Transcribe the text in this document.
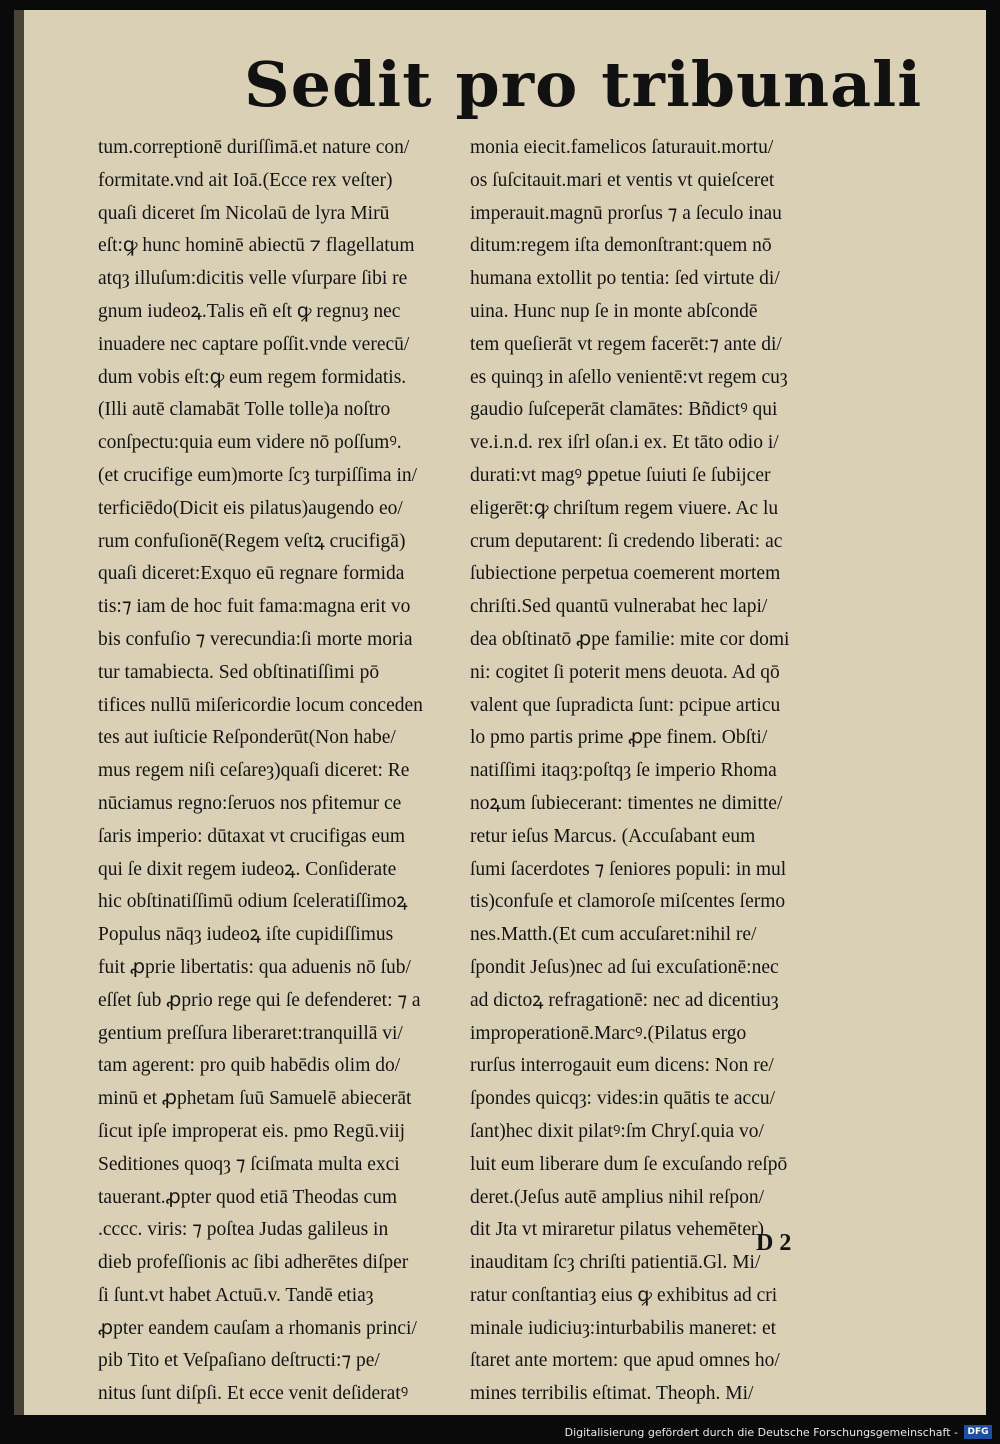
Sedit pro tribunali
tum.correptionē duriſſimā.et nature con/
formitate.vnd ait Ioā.(Ecce rex veſter)
quaſi diceret ſm Nicolaū de lyra Mirū
eſt:ꝙ hunc hominē abiectū ⁊ flagellatum
atqȝ illuſum:dicitis velle vſurpare ſibi re
gnum iudeoꝝ.Talis eñ eſt ꝙ regnuȝ nec
inuadere nec captare poſſit.vnde verecū/
dum vobis eſt:ꝙ eum regem formidatis.
(Illi autē clamabāt Tolle tolle)a noſtro
conſpectu:quia eum videre nō poſſumꝰ.
(et crucifige eum)morte ſcȝ turpiſſima in/
terficiēdo(Dicit eis pilatus)augendo eo/
rum confuſionē(Regem veſtꝝ crucifigā)
quaſi diceret:Exquo eū regnare formida
tis:⁊ iam de hoc fuit fama:magna erit vo
bis confuſio ⁊ verecundia:ſi morte moria
tur tamabiecta. Sed obſtinatiſſimi pō
tifices nullū miſericordie locum conceden
tes aut iuſticie Reſponderūt(Non habe/
mus regem niſi ceſareȝ)quaſi diceret: Re
nūciamus regno:ſeruos nos pfitemur ce
ſaris imperio: dūtaxat vt crucifigas eum
qui ſe dixit regem iudeoꝝ. Conſiderate
hic obſtinatiſſimū odium ſceleratiſſimoꝝ
Populus nāqȝ iudeoꝝ iſte cupidiſſimus
fuit ꝓprie libertatis: qua aduenis nō ſub/
eſſet ſub ꝓprio rege qui ſe defenderet: ⁊ a
gentium preſſura liberaret:tranquillā vi/
tam agerent: pro quib habēdis olim do/
minū et ꝓphetam ſuū Samuelē abiecerāt
ſicut ipſe improperat eis. pmo Regū.viij
Seditiones quoqȝ ⁊ ſciſmata multa exci
tauerant.ꝓpter quod etiā Theodas cum
.cccc. viris: ⁊ poſtea Judas galileus in
dieb profeſſionis ac ſibi adherētes diſper
ſi ſunt.vt habet Actuū.v. Tandē etiaȝ
ꝓpter eandem cauſam a rhomanis princi/
pib Tito et Veſpaſiano deſtructi:⁊ pe/
nitus ſunt diſpſi. Et ecce venit deſideratꝰ
monia eiecit.famelicos ſaturauit.mortu/
os ſuſcitauit.mari et ventis vt quieſceret
imperauit.magnū prorſus ⁊ a ſeculo inau
ditum:regem iſta demonſtrant:quem nō
humana extollit po tentia: ſed virtute di/
uina. Hunc nup ſe in monte abſcondē
tem queſierāt vt regem facerēt:⁊ ante di/
es quinqȝ in aſello venientē:vt regem cuȝ
gaudio ſuſceperāt clamātes: Bñdictꝰ qui
ve.i.n.d. rex iſrl oſan.i ex. Et tāto odio i/
durati:vt magꝰ ꝑpetue ſuiuti ſe ſubijcer
eligerēt:ꝙ chriſtum regem viuere. Ac lu
crum deputarent: ſi credendo liberati: ac
ſubiectione perpetua coemerent mortem
chriſti.Sed quantū vulnerabat hec lapi/
dea obſtinatō ꝓpe familie: mite cor domi
ni: cogitet ſi poterit mens deuota. Ad qō
valent que ſupradicta ſunt: pcipue articu
lo pmo partis prime ꝓpe finem. Obſti/
natiſſimi itaqȝ:poſtqȝ ſe imperio Rhoma
noꝝum ſubiecerant: timentes ne dimitte/
retur ieſus Marcus. (Accuſabant eum
ſumi ſacerdotes ⁊ ſeniores populi: in mul
tis)confuſe et clamoroſe miſcentes ſermo
nes.Matth.(Et cum accuſaret:nihil re/
ſpondit Jeſus)nec ad ſui excuſationē:nec
ad dictoꝝ refragationē: nec ad dicentiuȝ
improperationē.Marcꝰ.(Pilatus ergo
rurſus interrogauit eum dicens: Non re/
ſpondes quicqȝ: vides:in quātis te accu/
ſant)hec dixit pilatꝰ:ſm Chryſ.quia vo/
luit eum liberare dum ſe excuſando reſpō
deret.(Jeſus autē amplius nihil reſpon/
dit Jta vt miraretur pilatus vehemēter)
inauditam ſcȝ chriſti patientiā.Gl. Mi/
ratur conſtantiaȝ eius ꝙ exhibitus ad cri
minale iudiciuȝ:inturbabilis maneret: et
ſtaret ante mortem: que apud omnes ho/
mines terribilis eſtimat. Theoph. Mi/
D 2
Digitalisierung gefördert durch die Deutsche Forschungsgemeinschaft -	DFG
